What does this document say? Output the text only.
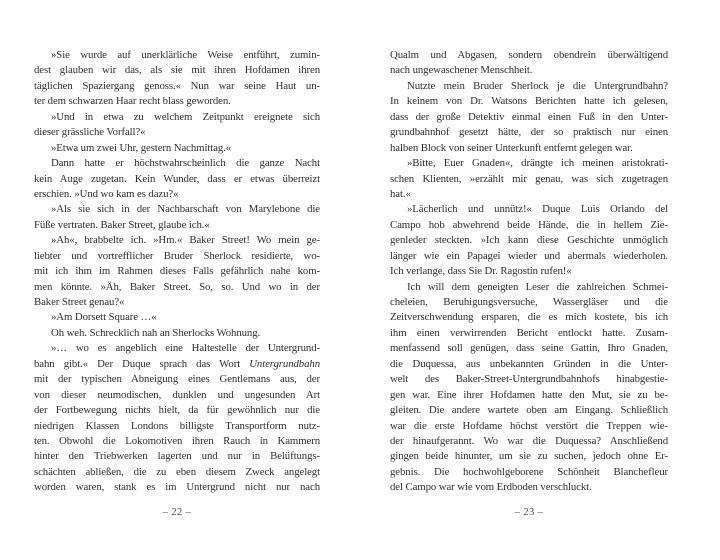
»Sie wurde auf unerklärliche Weise entführt, zumin-
dest glauben wir das, als sie mit ihren Hofdamen ihren
täglichen Spaziergang genoss.« Nun war seine Haut un-
ter dem schwarzen Haar recht blass geworden.
»Und in etwa zu welchem Zeitpunkt ereignete sich
dieser grässliche Vorfall?«
»Etwa um zwei Uhr, gestern Nachmittag.«
Dann hatte er höchstwahrscheinlich die ganze Nacht
kein Auge zugetan. Kein Wunder, dass er etwas überreizt
erschien. »Und wo kam es dazu?«
»Als sie sich in der Nachbarschaft von Marylebone die
Füße vertraten. Baker Street, glaube ich.«
»Ah«, brabbelte ich. »Hm.« Baker Street! Wo mein ge-
liebter und vortrefflicher Bruder Sherlock residierte, wo-
mit ich ihm im Rahmen dieses Falls gefährlich nahe kom-
men könnte. »Äh, Baker Street. So, so. Und wo in der
Baker Street genau?«
»Am Dorsett Square …«
Oh weh. Schrecklich nah an Sherlocks Wohnung.
»… wo es angeblich eine Haltestelle der Untergrund-
bahn gibt.« Der Duque sprach das Wort Untergrundbahn
mit der typischen Abneigung eines Gentlemans aus, der
von dieser neumodischen, dunklen und ungesunden Art
der Fortbewegung nichts hielt, da für gewöhnlich nur die
niedrigen Klassen Londons billigste Transportform nutz-
ten. Obwohl die Lokomotiven ihren Rauch in Kammern
hinter den Triebwerken lagerten und nur in Belüftungs-
schächten abließen, die zu eben diesem Zweck angelegt
worden waren, stank es im Untergrund nicht nur nach
– 22 –
Qualm und Abgasen, sondern obendrein überwältigend
nach ungewaschener Menschheit.
Nutzte mein Bruder Sherlock je die Untergrundbahn?
In keinem von Dr. Watsons Berichten hatte ich gelesen,
dass der große Detektiv einmal einen Fuß in den Unter-
grundbahnhof gesetzt hätte, der so praktisch nur einen
halben Block von seiner Unterkunft entfernt gelegen war.
»Bitte, Euer Gnaden«, drängte ich meinen aristokrati-
schen Klienten, »erzählt mir genau, was sich zugetragen
hat.«
»Lächerlich und unnütz!« Duque Luis Orlando del
Campo hob abwehrend beide Hände, die in hellem Zie-
genleder steckten. »Ich kann diese Geschichte unmöglich
länger wie ein Papagei wieder und abermals wiederholen.
Ich verlange, dass Sie Dr. Ragostin rufen!«
Ich will dem geneigten Leser die zahlreichen Schmei-
cheleien, Beruhigungsversuche, Wassergläser und die
Zeitverschwendung ersparen, die es mich kostete, bis ich
ihm einen verwirrenden Bericht entlockt hatte. Zusam-
menfassend soll genügen, dass seine Gattin, Ihro Gnaden,
die Duquessa, aus unbekannten Gründen in die Unter-
welt des Baker-Street-Untergrundbahnhofs hinabgestie-
gen war. Eine ihrer Hofdamen hatte den Mut, sie zu be-
gleiten. Die andere wartete oben am Eingang. Schließlich
war die erste Hofdame höchst verstört die Treppen wie-
der hinaufgerannt. Wo war die Duquessa? Anschließend
gingen beide hinunter, um sie zu suchen, jedoch ohne Er-
gebnis. Die hochwohlgeborene Schönheit Blanchefleur
del Campo war wie vom Erdboden verschluckt.
– 23 –
